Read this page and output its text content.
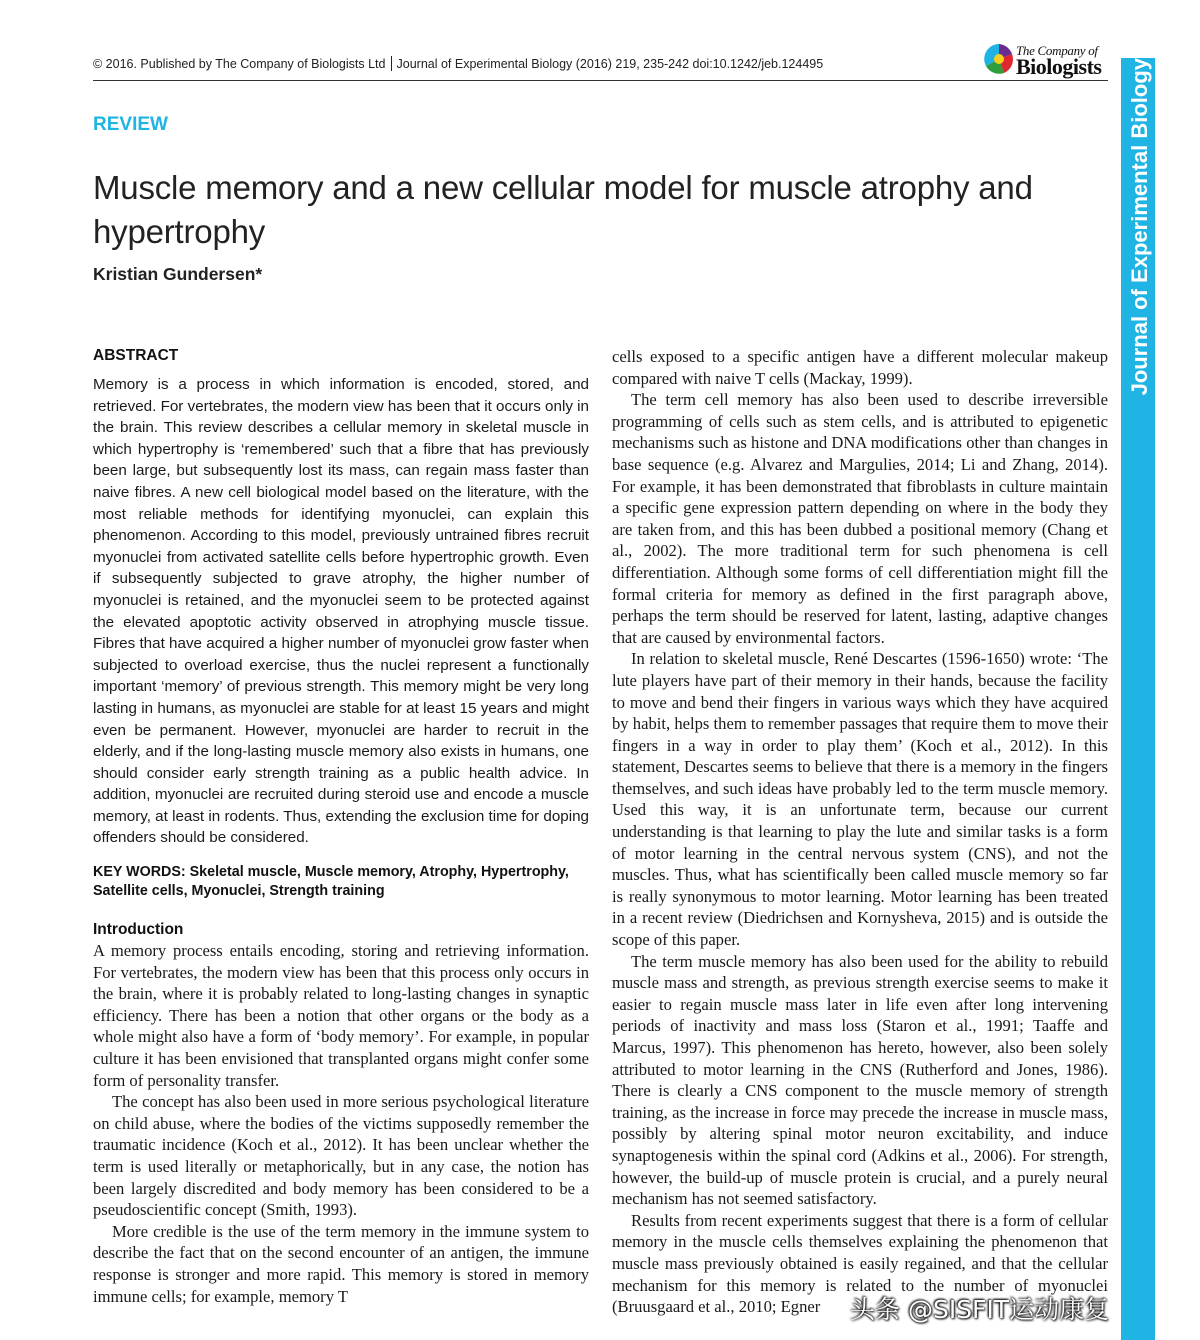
© 2016. Published by The Company of Biologists Ltd Journal of Experimental Biology (2016) 219, 235-242 doi:10.1242/jeb.124495
The Company of
Biologists Journal of Experimental Biology
REVIEW
Muscle memory and a new cellular model for muscle atrophy and hypertrophy
Kristian Gundersen*
ABSTRACT

Memory is a process in which information is encoded, stored, and retrieved. For vertebrates, the modern view has been that it occurs only in the brain. This review describes a cellular memory in skeletal muscle in which hypertrophy is ‘remembered’ such that a fibre that has previously been large, but subsequently lost its mass, can regain mass faster than naive fibres. A new cell biological model based on the literature, with the most reliable methods for identifying myonuclei, can explain this phenomenon. According to this model, previously untrained fibres recruit myonuclei from activated satellite cells before hypertrophic growth. Even if subsequently subjected to grave atrophy, the higher number of myonuclei is retained, and the myonuclei seem to be protected against the elevated apoptotic activity observed in atrophying muscle tissue. Fibres that have acquired a higher number of myonuclei grow faster when subjected to overload exercise, thus the nuclei represent a functionally important ‘memory’ of previous strength. This memory might be very long lasting in humans, as myonuclei are stable for at least 15 years and might even be permanent. However, myonuclei are harder to recruit in the elderly, and if the long-lasting muscle memory also exists in humans, one should consider early strength training as a public health advice. In addition, myonuclei are recruited during steroid use and encode a muscle memory, at least in rodents. Thus, extending the exclusion time for doping offenders should be considered.

KEY WORDS: Skeletal muscle, Muscle memory, Atrophy, Hypertrophy, Satellite cells, Myonuclei, Strength training

Introduction

A memory process entails encoding, storing and retrieving information. For vertebrates, the modern view has been that this process only occurs in the brain, where it is probably related to long-lasting changes in synaptic efficiency. There has been a notion that other organs or the body as a whole might also have a form of ‘body memory’. For example, in popular culture it has been envisioned that transplanted organs might confer some form of personality transfer.

The concept has also been used in more serious psychological literature on child abuse, where the bodies of the victims supposedly remember the traumatic incidence (Koch et al., 2012). It has been unclear whether the term is used literally or metaphorically, but in any case, the notion has been largely discredited and body memory has been considered to be a pseudoscientific concept (Smith, 1993).

More credible is the use of the term memory in the immune system to describe the fact that on the second encounter of an antigen, the immune response is stronger and more rapid. This memory is stored in memory immune cells; for example, memory T

cells exposed to a specific antigen have a different molecular makeup compared with naive T cells (Mackay, 1999).

The term cell memory has also been used to describe irreversible programming of cells such as stem cells, and is attributed to epigenetic mechanisms such as histone and DNA modifications other than changes in base sequence (e.g. Alvarez and Margulies, 2014; Li and Zhang, 2014). For example, it has been demonstrated that fibroblasts in culture maintain a specific gene expression pattern depending on where in the body they are taken from, and this has been dubbed a positional memory (Chang et al., 2002). The more traditional term for such phenomena is cell differentiation. Although some forms of cell differentiation might fill the formal criteria for memory as defined in the first paragraph above, perhaps the term should be reserved for latent, lasting, adaptive changes that are caused by environmental factors.

In relation to skeletal muscle, René Descartes (1596-1650) wrote: ‘The lute players have part of their memory in their hands, because the facility to move and bend their fingers in various ways which they have acquired by habit, helps them to remember passages that require them to move their fingers in a way in order to play them’ (Koch et al., 2012). In this statement, Descartes seems to believe that there is a memory in the fingers themselves, and such ideas have probably led to the term muscle memory. Used this way, it is an unfortunate term, because our current understanding is that learning to play the lute and similar tasks is a form of motor learning in the central nervous system (CNS), and not the muscles. Thus, what has scientifically been called muscle memory so far is really synonymous to motor learning. Motor learning has been treated in a recent review (Diedrichsen and Kornysheva, 2015) and is outside the scope of this paper.

The term muscle memory has also been used for the ability to rebuild muscle mass and strength, as previous strength exercise seems to make it easier to regain muscle mass later in life even after long intervening periods of inactivity and mass loss (Staron et al., 1991; Taaffe and Marcus, 1997). This phenomenon has hereto, however, also been solely attributed to motor learning in the CNS (Rutherford and Jones, 1986). There is clearly a CNS component to the muscle memory of strength training, as the increase in force may precede the increase in muscle mass, possibly by altering spinal motor neuron excitability, and induce synaptogenesis within the spinal cord (Adkins et al., 2006). For strength, however, the build-up of muscle protein is crucial, and a purely neural mechanism has not seemed satisfactory.

Results from recent experiments suggest that there is a form of cellular memory in the muscle cells themselves explaining the phenomenon that muscle mass previously obtained is easily regained, and that the cellular mechanism for this memory is related to the number of myonuclei (Bruusgaard et al., 2010; Egner	头条 @SISFIT运动康复
